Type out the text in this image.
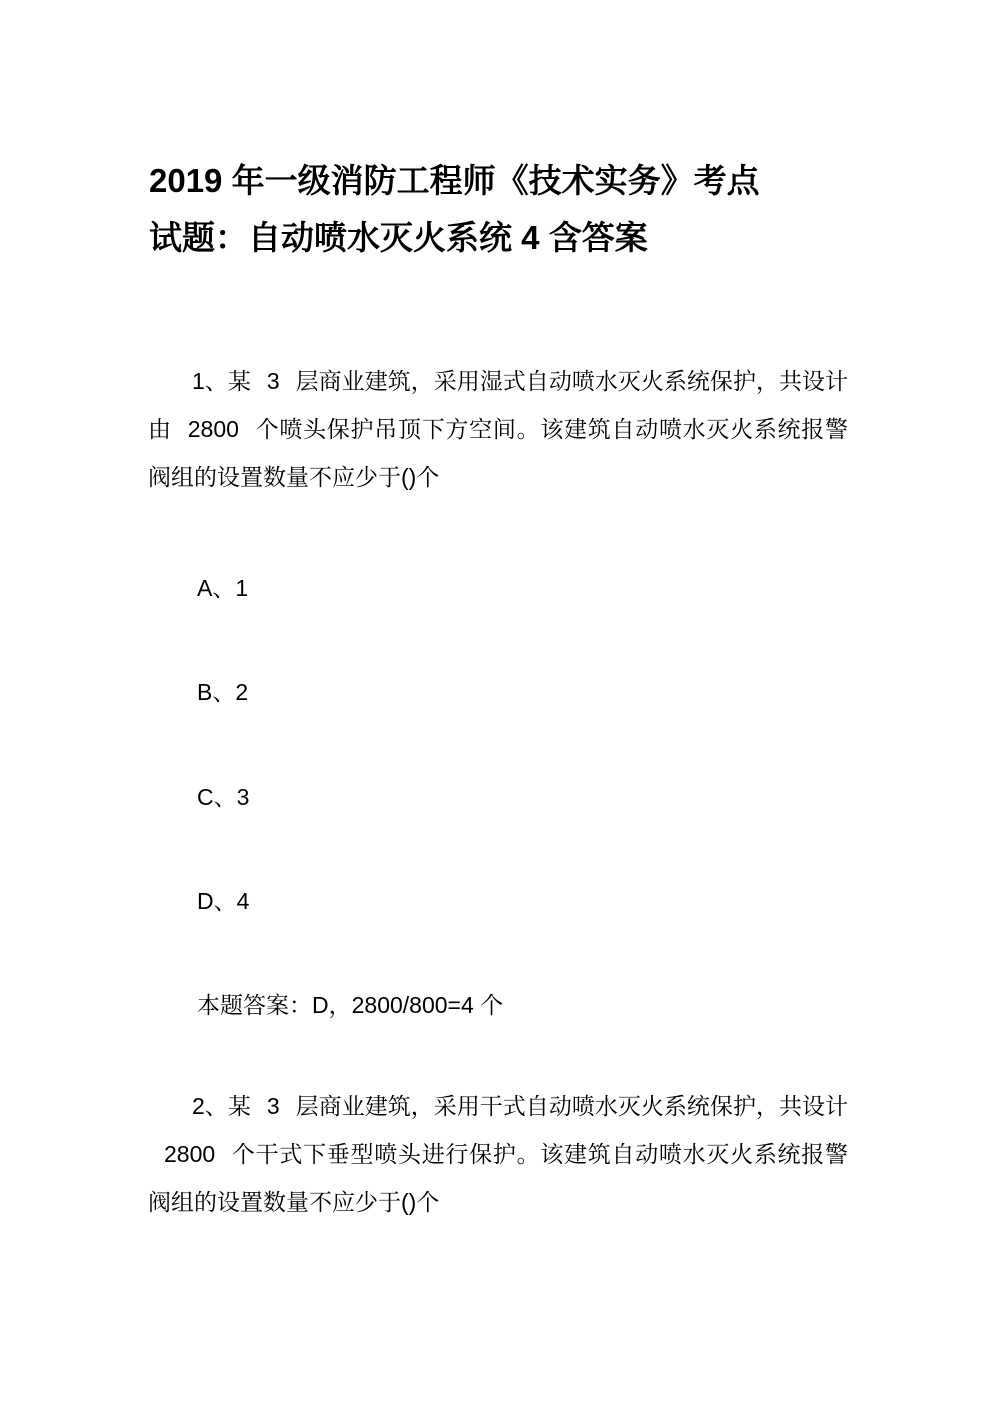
2019 年一级消防工程师《技术实务》考点
试题：自动喷水灭火系统 4 含答案
1、某 3 层商业建筑，采用湿式自动喷水灭火系统保护，共设计由 2800 个喷头保护吊顶下方空间。该建筑自动喷水灭火系统报警阀组的设置数量不应少于()个
A、1
B、2
C、3
D、4
本题答案：D，2800/800=4 个
2、某 3 层商业建筑，采用干式自动喷水灭火系统保护，共设计2800 个干式下垂型喷头进行保护。该建筑自动喷水灭火系统报警阀组的设置数量不应少于()个
